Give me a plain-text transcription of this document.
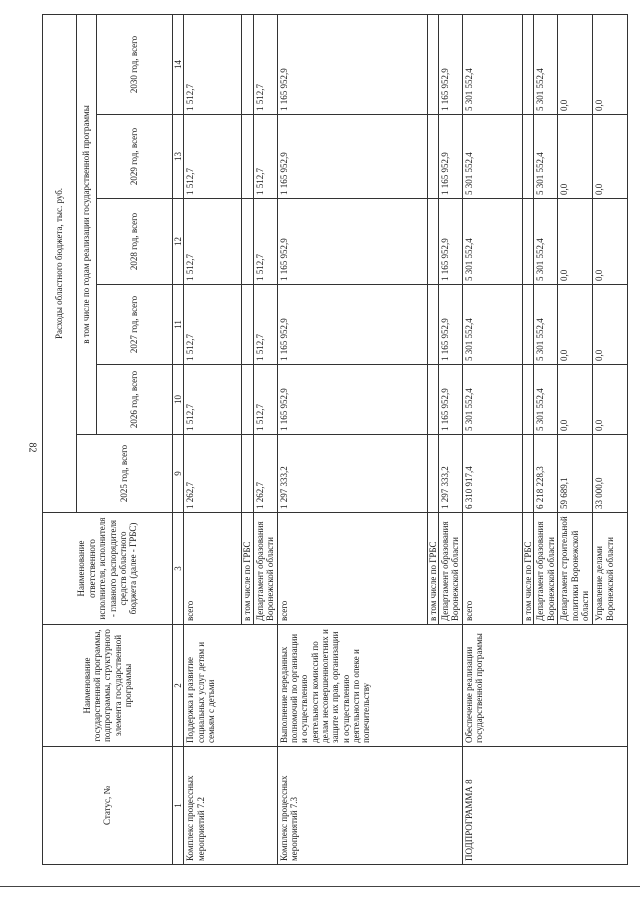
82
Статус, №	Наименование государственной программы, подпрограммы, структурного элемента государственной программы	Наименование ответственного исполнителя, исполнителя - главного распорядителя средств областного бюджета (далее - ГРБС)	Расходы областного бюджета, тыс. руб.					
			2025 год, всего	в том числе по годам реализации государственной программы				
				2026 год, всего	2027 год, всего	2028 год, всего	2029 год, всего	2030 год, всего
1	2	3	9	10	11	12	13	14
Комплекс процессных мероприятий 7.2	Поддержка и развитие социальных услуг детям и семьям с детьми	всего	1 262,7	1 512,7	1 512,7	1 512,7	1 512,7	1 512,7
		в том числе по ГРБС						
		Департамент образования Воронежской области	1 262,7	1 512,7	1 512,7	1 512,7	1 512,7	1 512,7
Комплекс процессных мероприятий 7.3	Выполнение переданных полномочий по организации и осуществлению деятельности комиссий по делам несовершеннолетних и защите их прав, организации и осуществлению деятельности по опеке и попечительству	всего	1 297 333,2	1 165 952,9	1 165 952,9	1 165 952,9	1 165 952,9	1 165 952,9
		в том числе по ГРБС						
		Департамент образования Воронежской области	1 297 333,2	1 165 952,9	1 165 952,9	1 165 952,9	1 165 952,9	1 165 952,9
ПОДПРОГРАММА 8	Обеспечение реализации государственной программы	всего	6 310 917,4	5 301 552,4	5 301 552,4	5 301 552,4	5 301 552,4	5 301 552,4
		в том числе по ГРБС						
		Департамент образования Воронежской области	6 218 228,3	5 301 552,4	5 301 552,4	5 301 552,4	5 301 552,4	5 301 552,4
		Департамент строительной политики Воронежской области	59 689,1	0,0	0,0	0,0	0,0	0,0
		Управление делами Воронежской области	33 000,0	0,0	0,0	0,0	0,0	0,0
